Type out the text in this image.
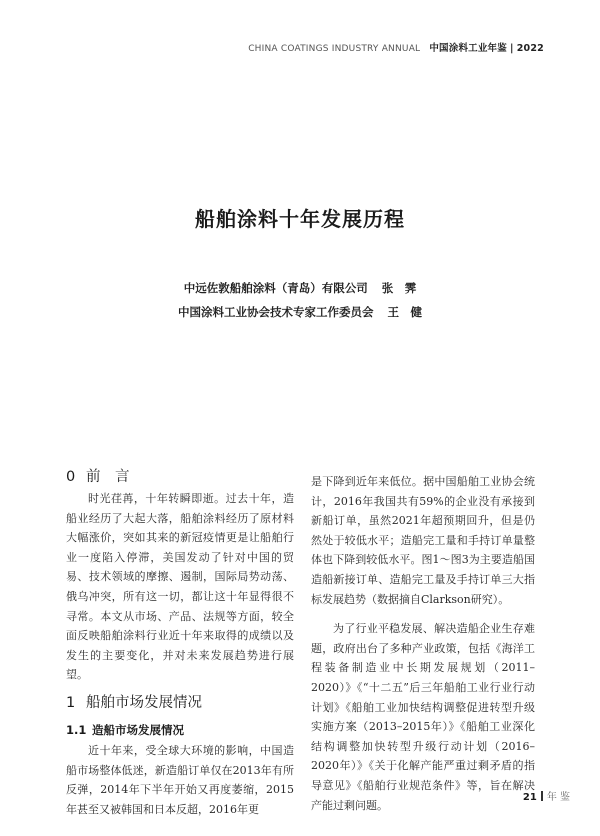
CHINA COATINGS INDUSTRY ANNUAL 中国涂料工业年鉴 | 2022
船舶涂料十年发展历程
中远佐敦船舶涂料（青岛）有限公司 张　霁
中国涂料工业协会技术专家工作委员会 王　健
0 前　言

时光荏苒，十年转瞬即逝。过去十年，造船业经历了大起大落，船舶涂料经历了原材料大幅涨价，突如其来的新冠疫情更是让船舶行业一度陷入停滞，美国发动了针对中国的贸易、技术领域的摩擦、遏制，国际局势动荡、俄乌冲突，所有这一切，都让这十年显得很不寻常。本文从市场、产品、法规等方面，较全面反映船舶涂料行业近十年来取得的成绩以及发生的主要变化，并对未来发展趋势进行展望。

1 船舶市场发展情况
1.1 造船市场发展情况

近十年来，受全球大环境的影响，中国造船市场整体低迷，新造船订单仅在2013年有所反弹，2014年下半年开始又再度萎缩，2015年甚至又被韩国和日本反超，2016年更

是下降到近年来低位。据中国船舶工业协会统计，2016年我国共有59%的企业没有承接到新船订单，虽然2021年超预期回升，但是仍然处于较低水平；造船完工量和手持订单量整体也下降到较低水平。图1～图3为主要造船国造船新接订单、造船完工量及手持订单三大指标发展趋势（数据摘自Clarkson研究）。

为了行业平稳发展、解决造船企业生存难题，政府出台了多种产业政策，包括《海洋工程装备制造业中长期发展规划（2011–2020）》《“十二五”后三年船舶工业行业行动计划》《船舶工业加快结构调整促进转型升级实施方案（2013–2015年）》《船舶工业深化结构调整加快转型升级行动计划（2016–2020年）》《关于化解产能严重过剩矛盾的指导意见》《船舶行业规范条件》等，旨在解决产能过剩问题。

21 年 鉴
